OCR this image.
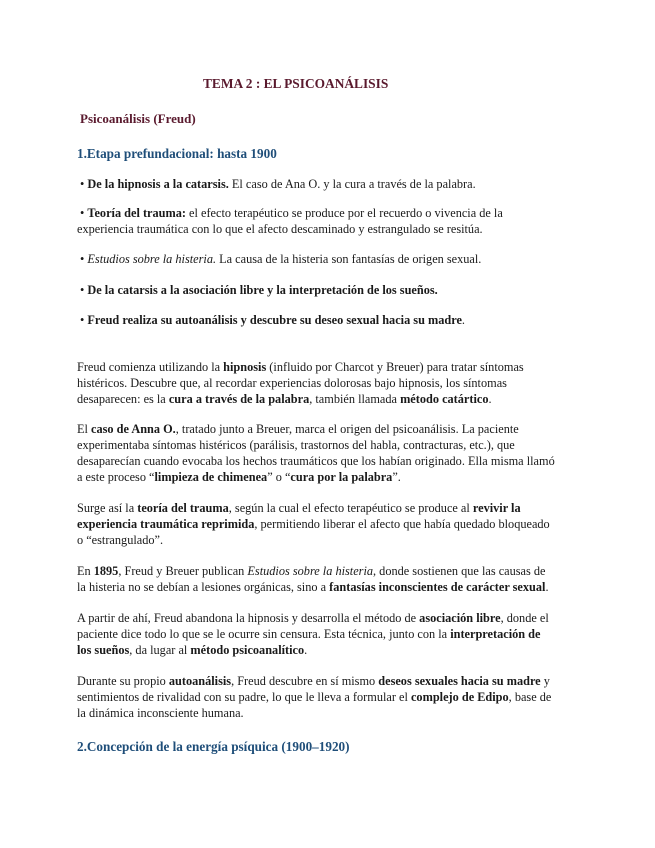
TEMA 2 : EL PSICOANÁLISIS
Psicoanálisis (Freud)
1.Etapa prefundacional: hasta 1900
• De la hipnosis a la catarsis. El caso de Ana O. y la cura a través de la palabra.
• Teoría del trauma: el efecto terapéutico se produce por el recuerdo o vivencia de la
experiencia traumática con lo que el afecto descaminado y estrangulado se resitúa.
• Estudios sobre la histeria. La causa de la histeria son fantasías de origen sexual.
• De la catarsis a la asociación libre y la interpretación de los sueños.
• Freud realiza su autoanálisis y descubre su deseo sexual hacia su madre.
Freud comienza utilizando la hipnosis (influido por Charcot y Breuer) para tratar síntomas
histéricos. Descubre que, al recordar experiencias dolorosas bajo hipnosis, los síntomas
desaparecen: es la cura a través de la palabra, también llamada método catártico.
El caso de Anna O., tratado junto a Breuer, marca el origen del psicoanálisis. La paciente
experimentaba síntomas histéricos (parálisis, trastornos del habla, contracturas, etc.), que
desaparecían cuando evocaba los hechos traumáticos que los habían originado. Ella misma llamó
a este proceso “limpieza de chimenea” o “cura por la palabra”.
Surge así la teoría del trauma, según la cual el efecto terapéutico se produce al revivir la
experiencia traumática reprimida, permitiendo liberar el afecto que había quedado bloqueado
o “estrangulado”.
En 1895, Freud y Breuer publican Estudios sobre la histeria, donde sostienen que las causas de
la histeria no se debían a lesiones orgánicas, sino a fantasías inconscientes de carácter sexual.
A partir de ahí, Freud abandona la hipnosis y desarrolla el método de asociación libre, donde el
paciente dice todo lo que se le ocurre sin censura. Esta técnica, junto con la interpretación de
los sueños, da lugar al método psicoanalítico.
Durante su propio autoanálisis, Freud descubre en sí mismo deseos sexuales hacia su madre y
sentimientos de rivalidad con su padre, lo que le lleva a formular el complejo de Edipo, base de
la dinámica inconsciente humana.
2.Concepción de la energía psíquica (1900–1920)
